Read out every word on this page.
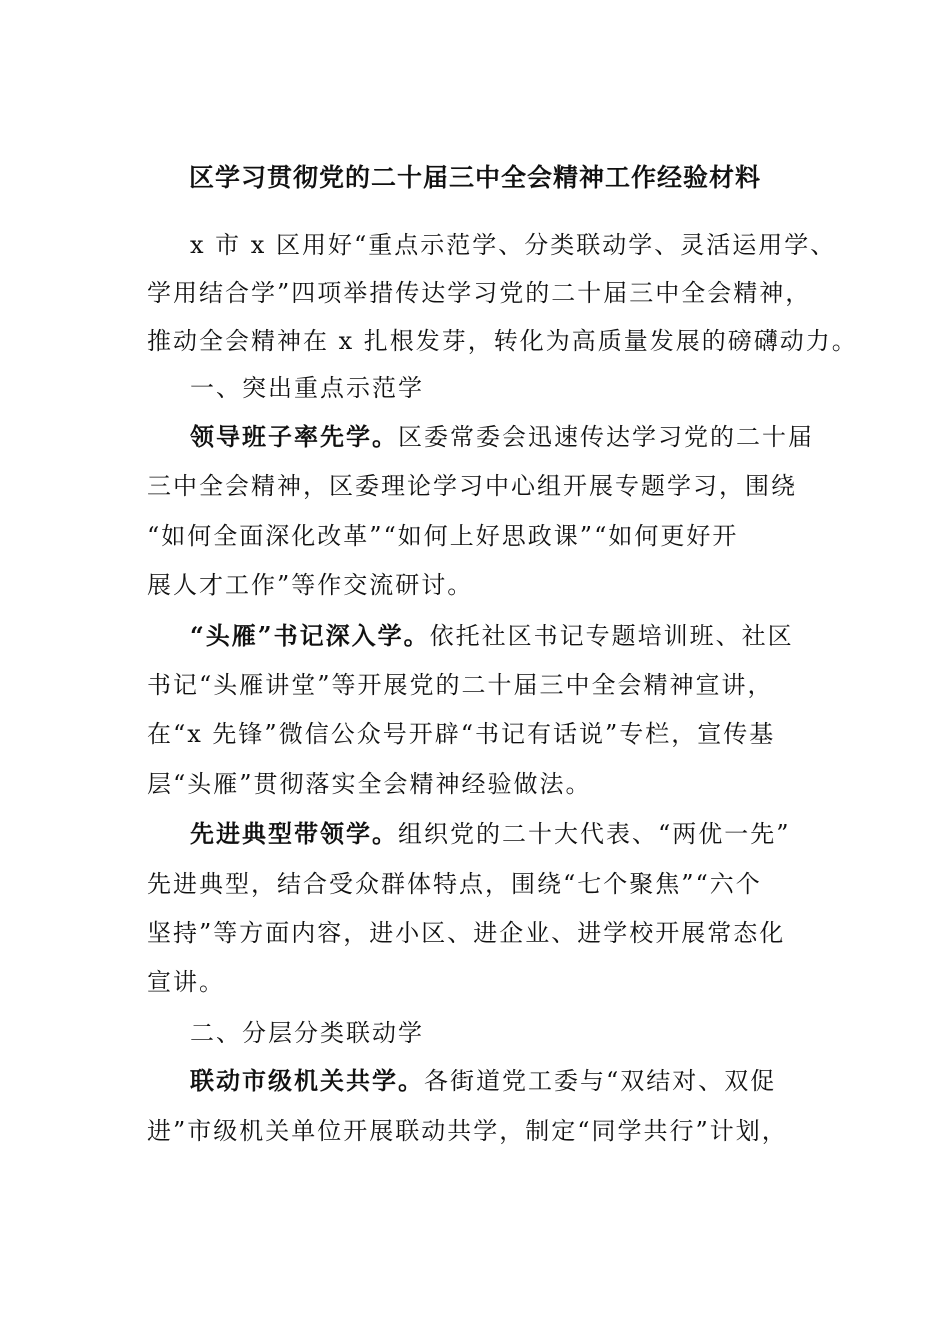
区学习贯彻党的二十届三中全会精神工作经验材料
x 市 x 区用好“重点示范学、分类联动学、灵活运用学、
学用结合学”四项举措传达学习党的二十届三中全会精神，
推动全会精神在 x 扎根发芽，转化为高质量发展的磅礴动力。
一、突出重点示范学
领导班子率先学。区委常委会迅速传达学习党的二十届
三中全会精神，区委理论学习中心组开展专题学习，围绕
“如何全面深化改革”“如何上好思政课”“如何更好开
展人才工作”等作交流研讨。
“头雁”书记深入学。依托社区书记专题培训班、社区
书记“头雁讲堂”等开展党的二十届三中全会精神宣讲，
在“x 先锋”微信公众号开辟“书记有话说”专栏，宣传基
层“头雁”贯彻落实全会精神经验做法。
先进典型带领学。组织党的二十大代表、“两优一先”
先进典型，结合受众群体特点，围绕“七个聚焦”“六个
坚持”等方面内容，进小区、进企业、进学校开展常态化
宣讲。
二、分层分类联动学
联动市级机关共学。各街道党工委与“双结对、双促
进”市级机关单位开展联动共学，制定“同学共行”计划，
